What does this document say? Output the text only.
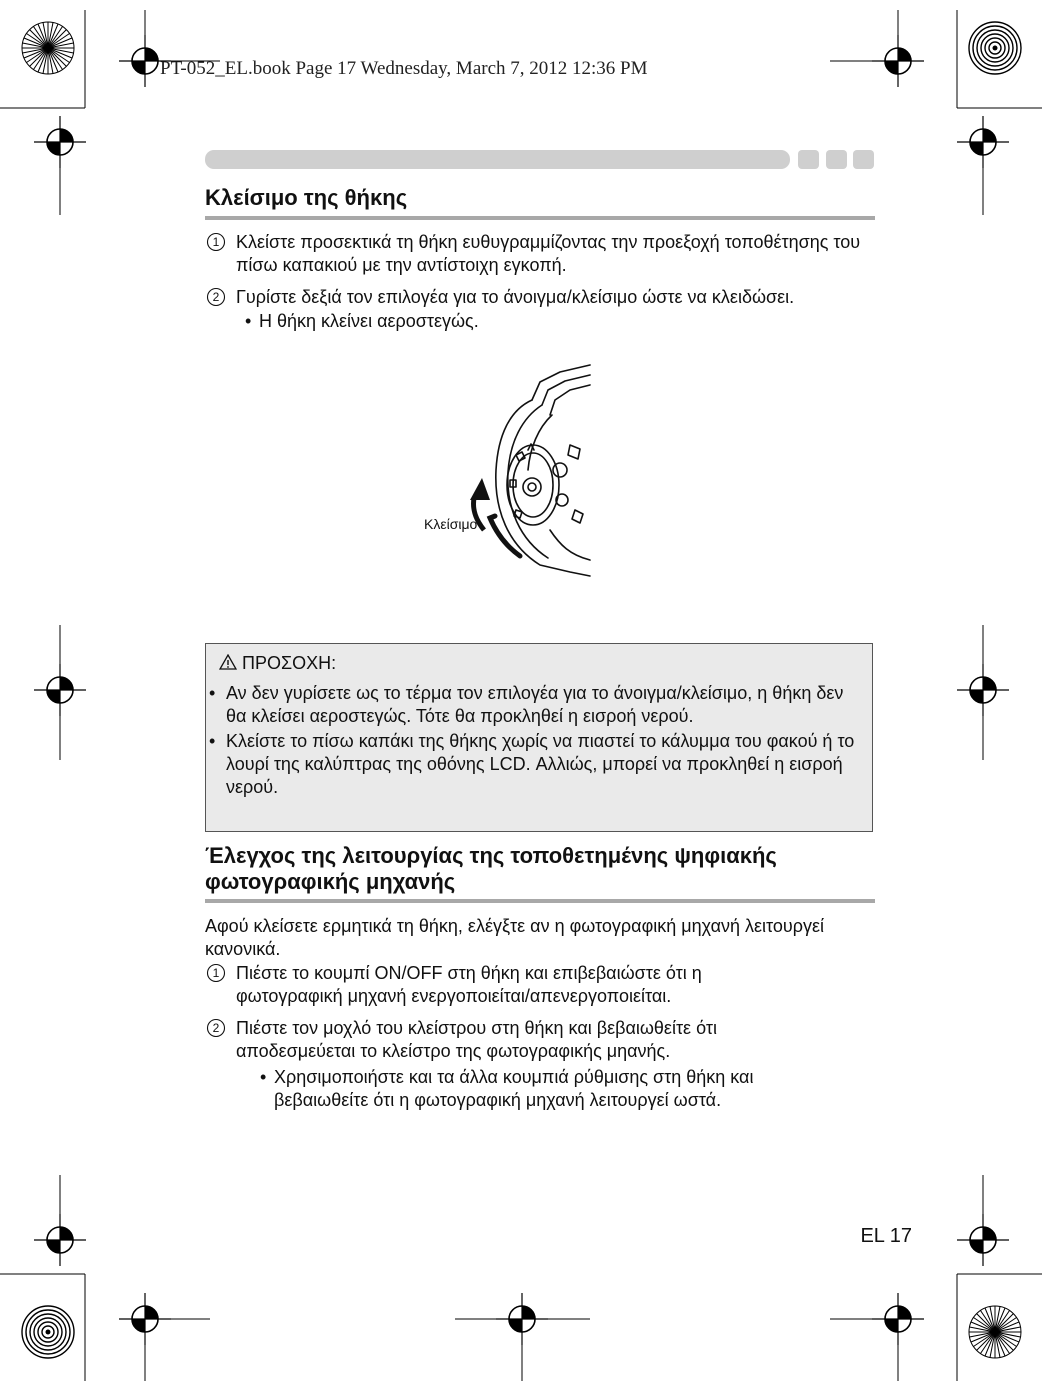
PT-052_EL.book Page 17 Wednesday, March 7, 2012 12:36 PM
Κλείσιμο της θήκης
1 Κλείστε προσεκτικά τη θήκη ευθυγραμμίζοντας την προεξοχή τοποθέτησης του πίσω καπακιού με την αντίστοιχη εγκοπή.
2 Γυρίστε δεξιά τον επιλογέα για το άνοιγμα/κλείσιμο ώστε να κλειδώσει.
• Η θήκη κλείνει αεροστεγώς.
Κλείσιμο
ΠΡΟΣΟΧΗ:
• Αν δεν γυρίσετε ως το τέρμα τον επιλογέα για το άνοιγμα/κλείσιμο, η θήκη δεν θα κλείσει αεροστεγώς. Τότε θα προκληθεί η εισροή νερού.
• Κλείστε το πίσω καπάκι της θήκης χωρίς να πιαστεί το κάλυμμα του φακού ή το λουρί της καλύπτρας της οθόνης LCD. Αλλιώς, μπορεί να προκληθεί η εισροή νερού.
Έλεγχος της λειτουργίας της τοποθετημένης ψηφιακής φωτογραφικής μηχανής
Αφού κλείσετε ερμητικά τη θήκη, ελέγξτε αν η φωτογραφική μηχανή λειτουργεί κανονικά.
1 Πιέστε το κουμπί ON/OFF στη θήκη και επιβεβαιώστε ότι η φωτογραφική μηχανή ενεργοποιείται/απενεργοποιείται.
2 Πιέστε τον μοχλό του κλείστρου στη θήκη και βεβαιωθείτε ότι αποδεσμεύεται το κλείστρο της φωτογραφικής μηανής.
• Χρησιμοποιήστε και τα άλλα κουμπιά ρύθμισης στη θήκη και βεβαιωθείτε ότι η φωτογραφική μηχανή λειτουργεί ωστά.
EL 17
